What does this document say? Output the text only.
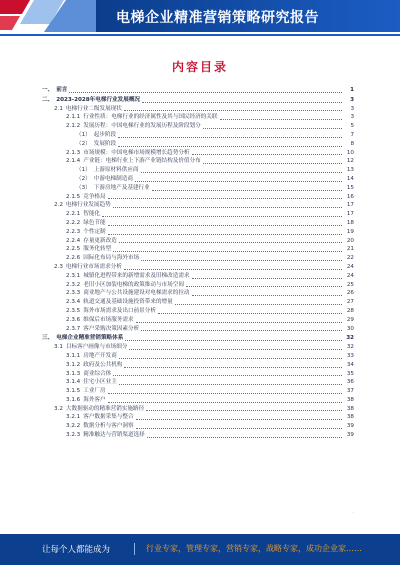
电梯企业精准营销策略研究报告
内容目录
一、 前言	1
二、 2023-2028年电梯行业发展概况	3
2.1 电梯行业二级发展现状	3
2.1.1 行业性质：电梯行业的经济属性及其与国民经济的关联	3
2.1.2 发展历程：中国电梯行业的发展历程及阶段划分	5
（1） 起步阶段	7
（2） 发展阶段	8
2.1.3 市场规模：中国电梯市场规模增长趋势分析	10
2.1.4 产业链：电梯行业上下游产业链结构及价值分布	12
（1） 上游原材料供应商	13
（2） 中游电梯制造商	14
（3） 下游房地产及基建行业	15
2.1.5 竞争格局	16
2.2 电梯行业发展趋势	17
2.2.1 智能化	17
2.2.2 绿色节能	18
2.2.3 个性定制	19
2.2.4 存量更新改造	20
2.2.5 服务化转型	21
2.2.6 国际化布局与海外市场	22
2.3 电梯行业市场需求分析	24
2.3.1 城镇化进程带来的新增需求及旧梯改造需求	24
2.3.2 老旧小区加装电梯的政策推动与市场空间	25
2.3.3 商业地产与公共设施建设对电梯需求的拉动	26
2.3.4 轨道交通及基础设施投资带来的增量	27
2.3.5 海外市场需求及出口前景分析	28
2.3.6 维保后市场服务需求	29
2.3.7 客户采购决策因素分析	30
三、 电梯企业精准营销策略体系	32
3.1 目标客户画像与市场细分	32
3.1.1 房地产开发商	33
3.1.2 政府及公共机构	34
3.1.3 商业综合体	35
3.1.4 住宅小区业主	36
3.1.5 工业厂房	37
3.1.6 海外客户	38
3.2 大数据驱动的精准营销实施路径	38
3.2.1 客户数据采集与整合	38
3.2.2 数据分析与客户洞察	39
3.2.3 精准触达与营销渠道选择	39
·
让每个人都能成为	行业专家，管理专家，营销专家，战略专家，成功企业家……
